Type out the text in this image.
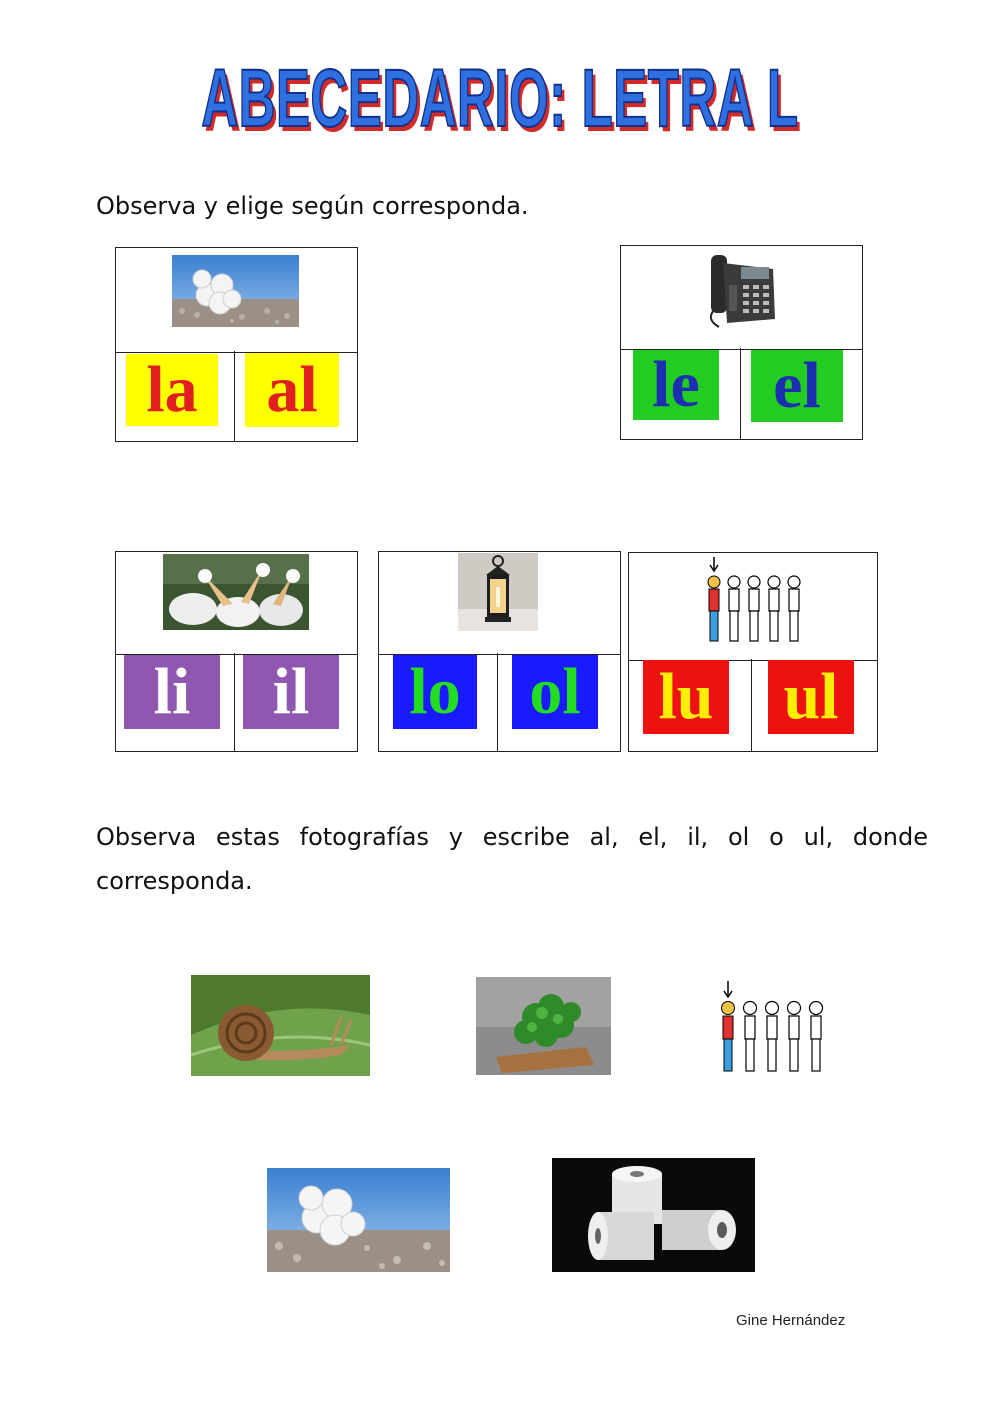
ABECEDARIO: LETRA L
Observa y elige según corresponda.
la	al	le	el
li	il	lo ol lu ul
Observa estas fotografías y escribe al, el, il, ol o ul, donde corresponda.
Gine Hernández
